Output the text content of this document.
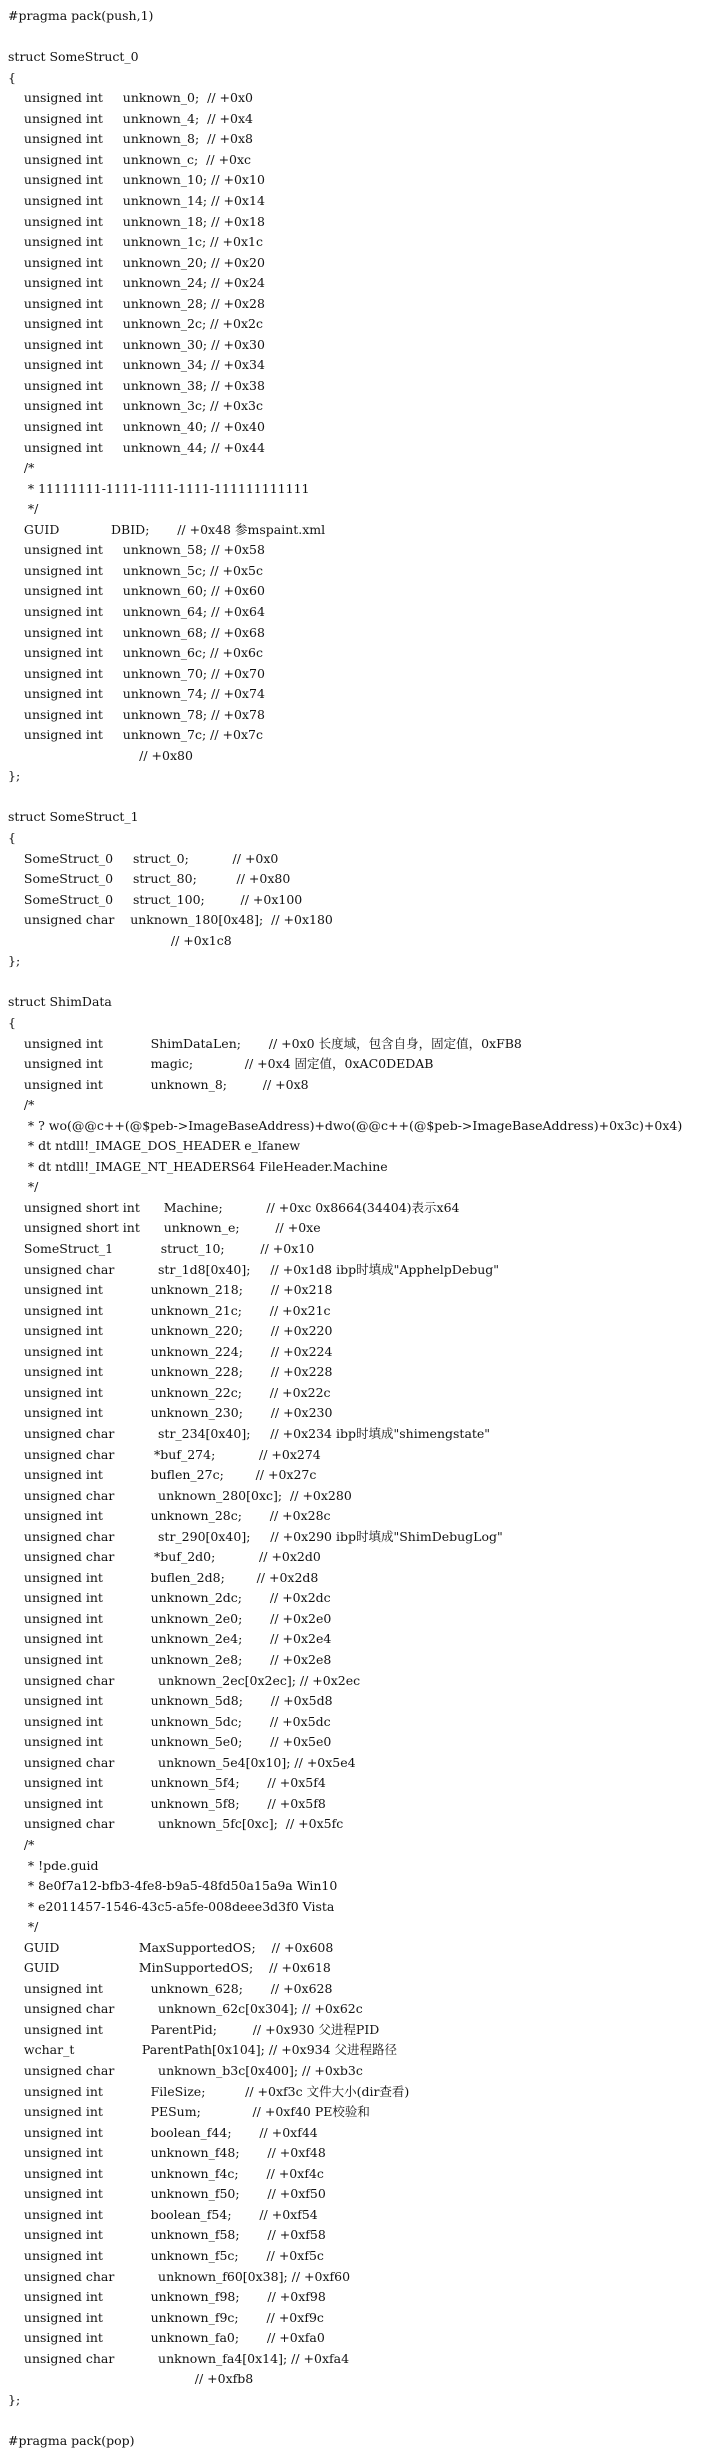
#pragma pack(push,1)
struct SomeStruct_0
{
unsigned int     unknown_0;  // +0x0
unsigned int     unknown_4;  // +0x4
unsigned int     unknown_8;  // +0x8
unsigned int     unknown_c;  // +0xc
unsigned int     unknown_10; // +0x10
unsigned int     unknown_14; // +0x14
unsigned int     unknown_18; // +0x18
unsigned int     unknown_1c; // +0x1c
unsigned int     unknown_20; // +0x20
unsigned int     unknown_24; // +0x24
unsigned int     unknown_28; // +0x28
unsigned int     unknown_2c; // +0x2c
unsigned int     unknown_30; // +0x30
unsigned int     unknown_34; // +0x34
unsigned int     unknown_38; // +0x38
unsigned int     unknown_3c; // +0x3c
unsigned int     unknown_40; // +0x40
unsigned int     unknown_44; // +0x44
/*
* 11111111-1111-1111-1111-111111111111
*/
GUID             DBID;       // +0x48 参mspaint.xml
unsigned int     unknown_58; // +0x58
unsigned int     unknown_5c; // +0x5c
unsigned int     unknown_60; // +0x60
unsigned int     unknown_64; // +0x64
unsigned int     unknown_68; // +0x68
unsigned int     unknown_6c; // +0x6c
unsigned int     unknown_70; // +0x70
unsigned int     unknown_74; // +0x74
unsigned int     unknown_78; // +0x78
unsigned int     unknown_7c; // +0x7c
// +0x80
};
struct SomeStruct_1
{
SomeStruct_0     struct_0;           // +0x0
SomeStruct_0     struct_80;          // +0x80
SomeStruct_0     struct_100;         // +0x100
unsigned char    unknown_180[0x48];  // +0x180
// +0x1c8
};
struct ShimData
{
unsigned int            ShimDataLen;       // +0x0 长度域，包含自身，固定值，0xFB8
unsigned int            magic;             // +0x4 固定值，0xAC0DEDAB
unsigned int            unknown_8;         // +0x8
/*
* ? wo(@@c++(@$peb->ImageBaseAddress)+dwo(@@c++(@$peb->ImageBaseAddress)+0x3c)+0x4)
* dt ntdll!_IMAGE_DOS_HEADER e_lfanew
* dt ntdll!_IMAGE_NT_HEADERS64 FileHeader.Machine
*/
unsigned short int      Machine;           // +0xc 0x8664(34404)表示x64
unsigned short int      unknown_e;         // +0xe
SomeStruct_1            struct_10;         // +0x10
unsigned char           str_1d8[0x40];     // +0x1d8 ibp时填成"ApphelpDebug"
unsigned int            unknown_218;       // +0x218
unsigned int            unknown_21c;       // +0x21c
unsigned int            unknown_220;       // +0x220
unsigned int            unknown_224;       // +0x224
unsigned int            unknown_228;       // +0x228
unsigned int            unknown_22c;       // +0x22c
unsigned int            unknown_230;       // +0x230
unsigned char           str_234[0x40];     // +0x234 ibp时填成"shimengstate"
unsigned char          *buf_274;           // +0x274
unsigned int            buflen_27c;        // +0x27c
unsigned char           unknown_280[0xc];  // +0x280
unsigned int            unknown_28c;       // +0x28c
unsigned char           str_290[0x40];     // +0x290 ibp时填成"ShimDebugLog"
unsigned char          *buf_2d0;           // +0x2d0
unsigned int            buflen_2d8;        // +0x2d8
unsigned int            unknown_2dc;       // +0x2dc
unsigned int            unknown_2e0;       // +0x2e0
unsigned int            unknown_2e4;       // +0x2e4
unsigned int            unknown_2e8;       // +0x2e8
unsigned char           unknown_2ec[0x2ec]; // +0x2ec
unsigned int            unknown_5d8;       // +0x5d8
unsigned int            unknown_5dc;       // +0x5dc
unsigned int            unknown_5e0;       // +0x5e0
unsigned char           unknown_5e4[0x10]; // +0x5e4
unsigned int            unknown_5f4;       // +0x5f4
unsigned int            unknown_5f8;       // +0x5f8
unsigned char           unknown_5fc[0xc];  // +0x5fc
/*
* !pde.guid
* 8e0f7a12-bfb3-4fe8-b9a5-48fd50a15a9a Win10
* e2011457-1546-43c5-a5fe-008deee3d3f0 Vista
*/
GUID                    MaxSupportedOS;    // +0x608
GUID                    MinSupportedOS;    // +0x618
unsigned int            unknown_628;       // +0x628
unsigned char           unknown_62c[0x304]; // +0x62c
unsigned int            ParentPid;         // +0x930 父进程PID
wchar_t                 ParentPath[0x104]; // +0x934 父进程路径
unsigned char           unknown_b3c[0x400]; // +0xb3c
unsigned int            FileSize;          // +0xf3c 文件大小(dir查看)
unsigned int            PESum;             // +0xf40 PE校验和
unsigned int            boolean_f44;       // +0xf44
unsigned int            unknown_f48;       // +0xf48
unsigned int            unknown_f4c;       // +0xf4c
unsigned int            unknown_f50;       // +0xf50
unsigned int            boolean_f54;       // +0xf54
unsigned int            unknown_f58;       // +0xf58
unsigned int            unknown_f5c;       // +0xf5c
unsigned char           unknown_f60[0x38]; // +0xf60
unsigned int            unknown_f98;       // +0xf98
unsigned int            unknown_f9c;       // +0xf9c
unsigned int            unknown_fa0;       // +0xfa0
unsigned char           unknown_fa4[0x14]; // +0xfa4
// +0xfb8
};
#pragma pack(pop)
